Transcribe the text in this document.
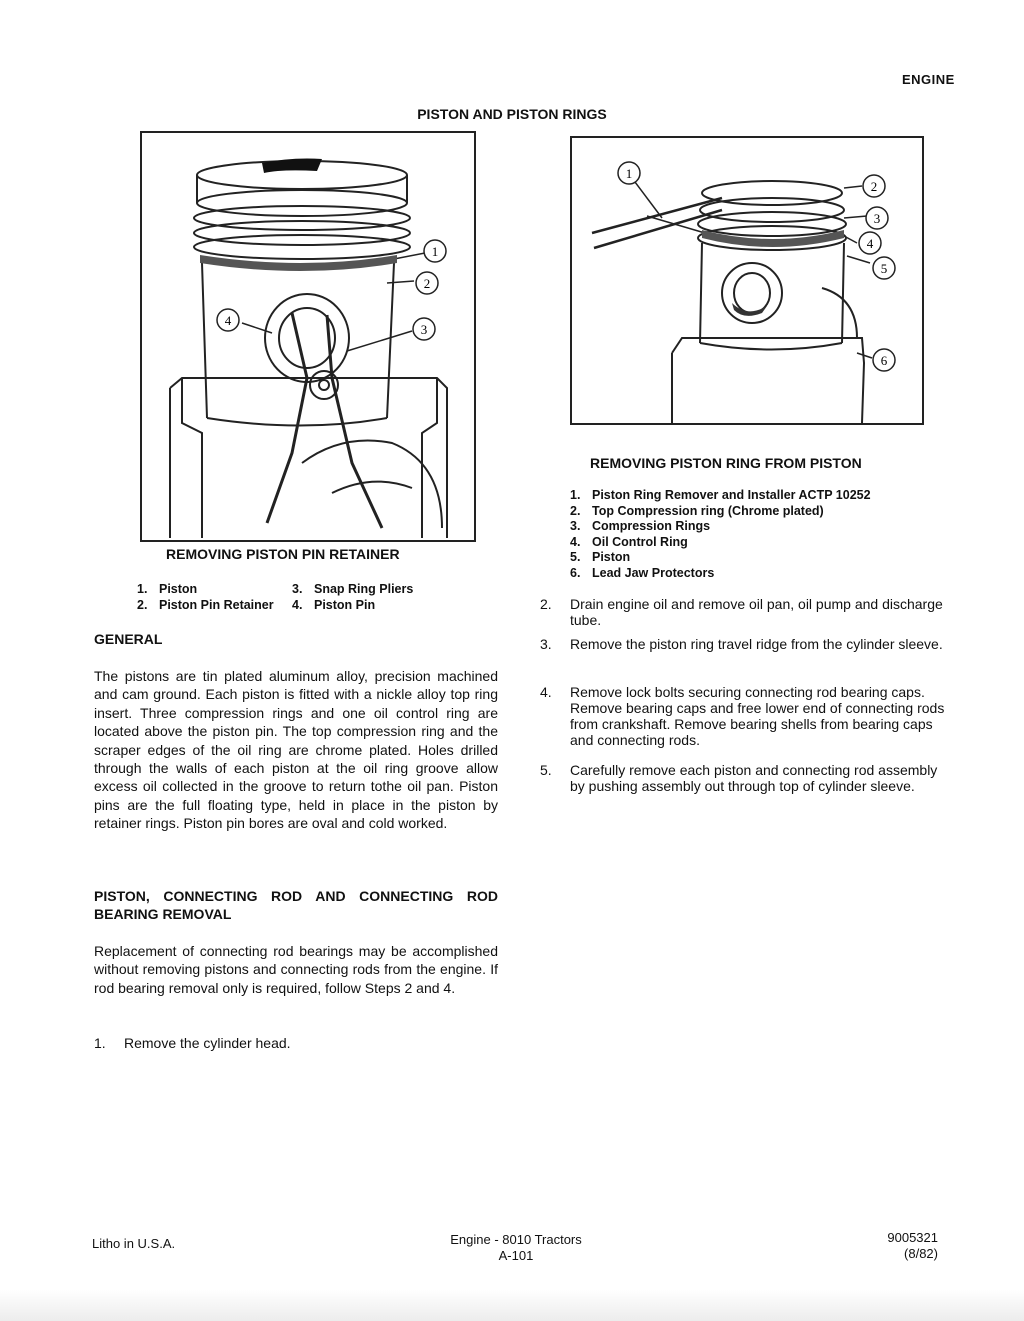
ENGINE
PISTON AND PISTON RINGS
1
2
3
4
REMOVING PISTON PIN RETAINER
1. Piston	3. Snap Ring Pliers
2. Piston Pin Retainer 4. Piston Pin
1
2
3
4
5
6
REMOVING PISTON RING FROM PISTON
1. Piston Ring Remover and Installer ACTP 10252
2. Top Compression ring (Chrome plated)
3. Compression Rings
4. Oil Control Ring
5. Piston
6. Lead Jaw Protectors
GENERAL
The pistons are tin plated aluminum alloy, precision machined and cam ground. Each piston is fitted with a nickle alloy top ring insert. Three compression rings and one oil control ring are located above the piston pin. The top compression ring and the scraper edges of the oil ring are chrome plated. Holes drilled through the walls of each piston at the oil ring groove allow excess oil collected in the groove to return tothe oil pan. Piston pins are the full floating type, held in place in the piston by retainer rings. Piston pin bores are oval and cold worked.
PISTON, CONNECTING ROD AND CONNECTING ROD BEARING REMOVAL
Replacement of connecting rod bearings may be accomplished without removing pistons and connecting rods from the engine. If rod bearing removal only is required, follow Steps 2 and 4.
1.	Remove the cylinder head.
2.	Drain engine oil and remove oil pan, oil pump and discharge tube.
3.	Remove the piston ring travel ridge from the cylinder sleeve.
4.	Remove lock bolts securing connecting rod bearing caps. Remove bearing caps and free lower end of connecting rods from crankshaft. Remove bearing shells from bearing caps and connecting rods.
5.	Carefully remove each piston and connecting rod assembly by pushing assembly out through top of cylinder sleeve.
Litho in U.S.A.	Engine - 8010 Tractors
A-101
9005321
(8/82)
